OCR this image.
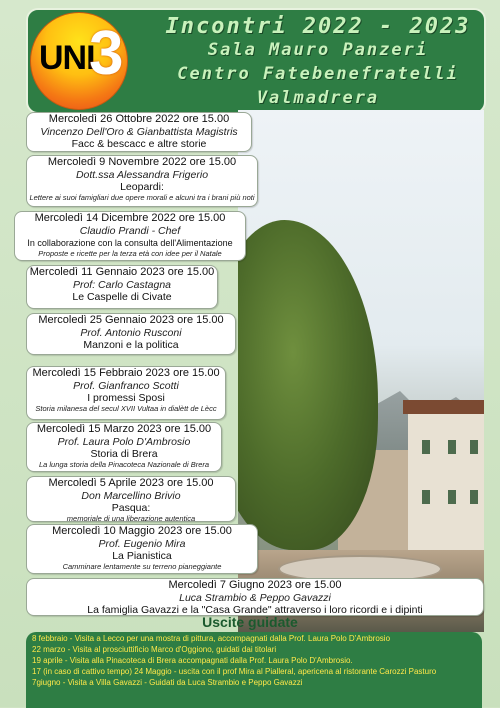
UNI
3	Incontri 2022 - 2023
Sala Mauro Panzeri
Centro Fatebenefratelli
Valmadrera
Mercoledì 26 Ottobre 2022 ore 15.00
Vincenzo Dell'Oro & Gianbattista Magistris
Facc & bescacc e altre storie
Mercoledì 9 Novembre 2022 ore 15.00
Dott.ssa Alessandra Frigerio
Leopardi:
Lettere ai suoi famigliari due opere morali e alcuni tra i brani più noti
Mercoledì 14 Dicembre 2022 ore 15.00
Claudio Prandi - Chef
In collaborazione con la consulta dell'Alimentazione
Proposte e ricette per la terza età con idee per il Natale
Mercoledì 11 Gennaio 2023 ore 15.00
Prof: Carlo Castagna
Le Caspelle di Civate
Mercoledì 25 Gennaio 2023 ore 15.00
Prof. Antonio Rusconi
Manzoni e la politica
Mercoledì 15 Febbraio 2023 ore 15.00
Prof. Gianfranco Scotti
I promessi Sposi
Storia milanesa del secul XVII Vultaa in dialètt de Lècc
Mercoledì 15 Marzo 2023 ore 15.00
Prof. Laura Polo D'Ambrosio
Storia di Brera
La lunga storia della Pinacoteca Nazionale di Brera
Mercoledì 5 Aprile 2023 ore 15.00
Don Marcellino Brivio
Pasqua:
memoriale di una liberazione autentica
Mercoledì 10 Maggio 2023 ore 15.00
Prof. Eugenio Mira
La Pianistica
Camminare lentamente su terreno pianeggiante
Mercoledì 7 Giugno 2023 ore 15.00
Luca Strambio & Peppo Gavazzi
La famiglia Gavazzi e la "Casa Grande" attraverso i loro ricordi e i dipinti
Uscite guidate
8 febbraio - Visita a Lecco per una mostra di pittura, accompagnati dalla Prof. Laura Polo D'Ambrosio
22 marzo - Visita al prosciuttificio Marco d'Oggiono, guidati dai titolari
19 aprile - Visita alla Pinacoteca di Brera accompagnati dalla Prof. Laura Polo D'Ambrosio.
17 (in caso di cattivo tempo) 24 Maggio - uscita con il prof Mira al Pialleral, apericena al ristorante Carozzi Pasturo
7giugno - Visita a Villa Gavazzi - Guidati da Luca Strambio e Peppo Gavazzi
